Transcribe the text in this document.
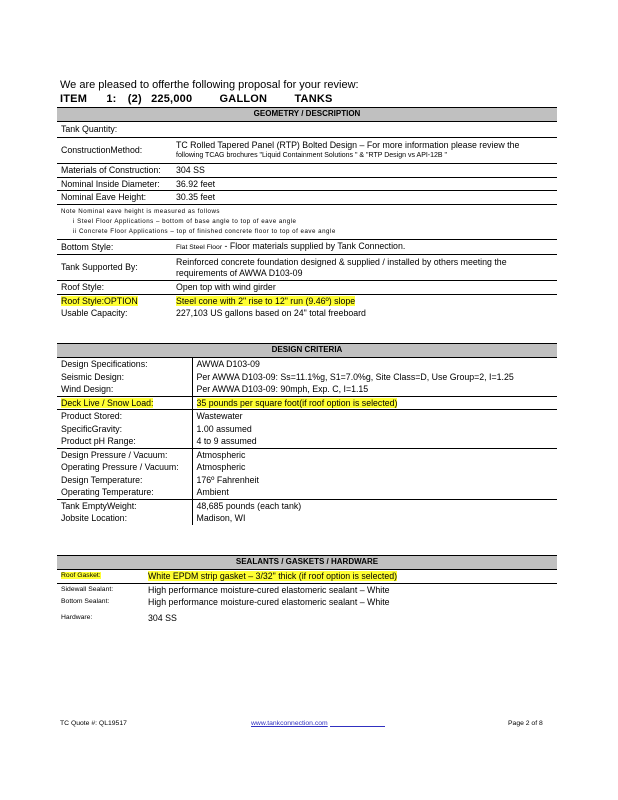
We are pleased to offerthe following proposal for your review:
ITEM 1: (2) 225,000 GALLON TANKS
GEOMETRY / DESCRIPTION	
Tank Quantity:	
ConstructionMethod:	TC Rolled Tapered Panel (RTP) Bolted Design – For more information please review the
following TCAG brochures "Liquid Containment Solutions " & "RTP Design vs API-12B "

Materials of Construction:	304 SS
Nominal Inside Diameter:	36.92 feet
Nominal Eave Height:	30.35 feet

Note Nominal eave height is measured as follows
i Steel Floor Applications – bottom of base angle to top of eave angle
ii Concrete Floor Applications – top of finished concrete floor to top of eave angle	

Bottom Style:	Flat Steel Floor - Floor materials supplied by Tank Connection.
Tank Supported By:	Reinforced concrete foundation designed & supplied / installed by others meeting the
requirements of AWWA D103-09

Roof Style:	Open top with wind girder
Roof Style:OPTION	Steel cone with 2" rise to 12" run (9.46º) slope
Usable Capacity:	227,103 US gallons based on 24" total freeboard
DESIGN CRITERIA	
Design Specifications:	AWWA D103-09
Seismic Design:	Per AWWA D103-09: Ss=11.1%g, S1=7.0%g, Site Class=D, Use Group=2, I=1.25
Wind Design:	Per AWWA D103-09: 90mph, Exp. C, I=1.15
Deck Live / Snow Load:	35 pounds per square foot(if roof option is selected)
Product Stored:	Wastewater
SpecificGravity:	1.00 assumed
Product pH Range:	4 to 9 assumed
Design Pressure / Vacuum:	Atmospheric
Operating Pressure / Vacuum:	Atmospheric
Design Temperature:	176º Fahrenheit
Operating Temperature:	Ambient
Tank EmptyWeight:	48,685 pounds (each tank)
Jobsite Location:	Madison, WI
SEALANTS / GASKETS / HARDWARE	
Roof Gasket:	White EPDM strip gasket – 3/32" thick (if roof option is selected)
Sidewall Sealant:	High performance moisture-cured elastomeric sealant – White
Bottom Sealant:	High performance moisture-cured elastomeric sealant – White
Hardware:	304 SS
TC Quote #: QL19517	www.tankconnection.com	Page 2 of 8
